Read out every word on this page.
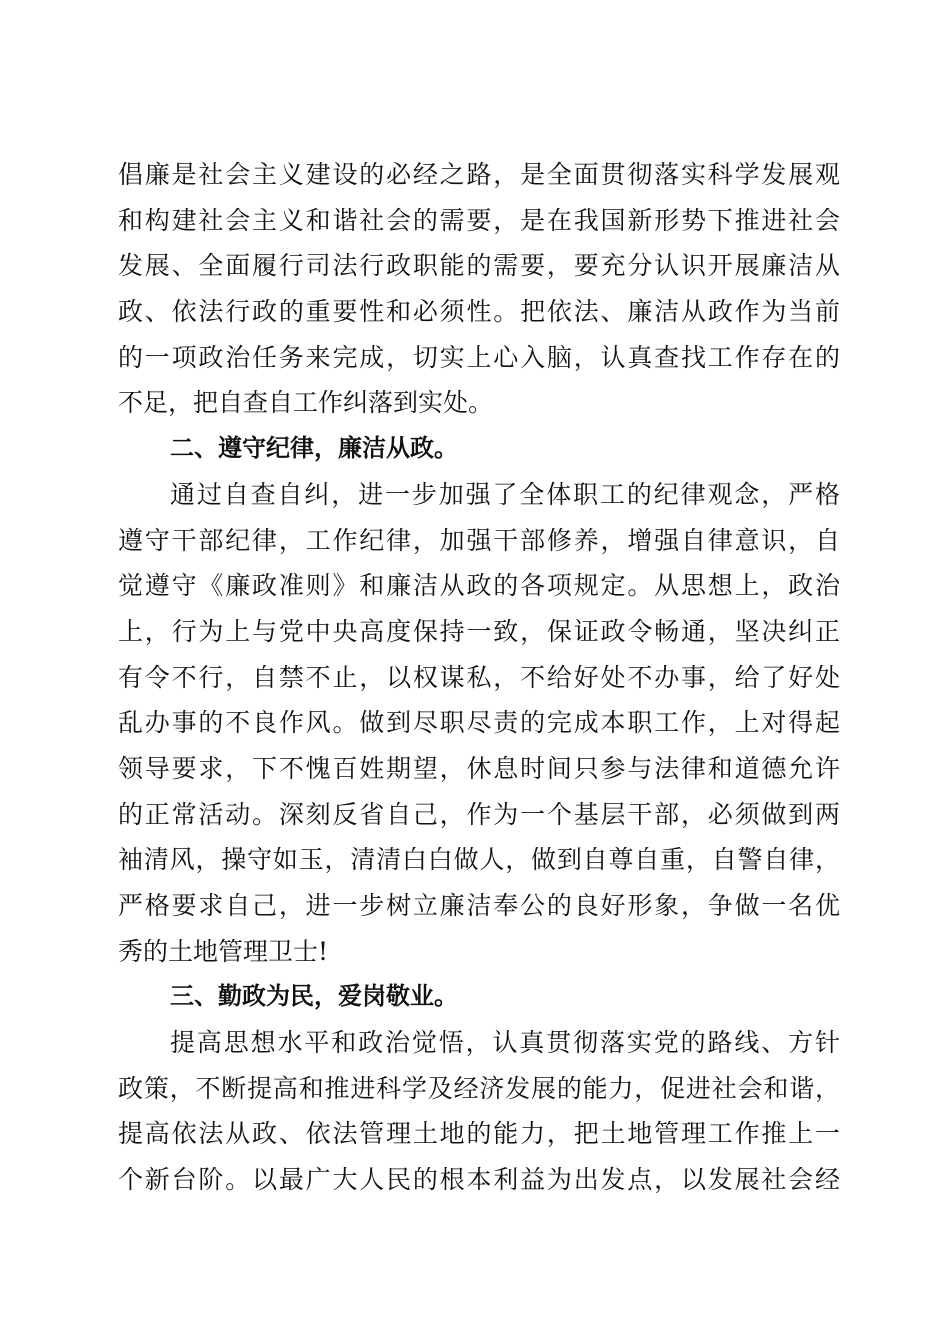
倡廉是社会主义建设的必经之路，是全面贯彻落实科学发展观
和构建社会主义和谐社会的需要，是在我国新形势下推进社会
发展、全面履行司法行政职能的需要，要充分认识开展廉洁从
政、依法行政的重要性和必须性。把依法、廉洁从政作为当前
的一项政治任务来完成，切实上心入脑，认真查找工作存在的
不足，把自查自工作纠落到实处。
二、遵守纪律，廉洁从政。
通过自查自纠，进一步加强了全体职工的纪律观念，严格
遵守干部纪律，工作纪律，加强干部修养，增强自律意识，自
觉遵守《廉政准则》和廉洁从政的各项规定。从思想上，政治
上，行为上与党中央高度保持一致，保证政令畅通，坚决纠正
有令不行，自禁不止，以权谋私，不给好处不办事，给了好处
乱办事的不良作风。做到尽职尽责的完成本职工作，上对得起
领导要求，下不愧百姓期望，休息时间只参与法律和道德允许
的正常活动。深刻反省自己，作为一个基层干部，必须做到两
袖清风，操守如玉，清清白白做人，做到自尊自重，自警自律，
严格要求自己，进一步树立廉洁奉公的良好形象，争做一名优
秀的土地管理卫士!
三、勤政为民，爱岗敬业。
提高思想水平和政治觉悟，认真贯彻落实党的路线、方针
政策，不断提高和推进科学及经济发展的能力，促进社会和谐，
提高依法从政、依法管理土地的能力，把土地管理工作推上一
个新台阶。以最广大人民的根本利益为出发点，以发展社会经
